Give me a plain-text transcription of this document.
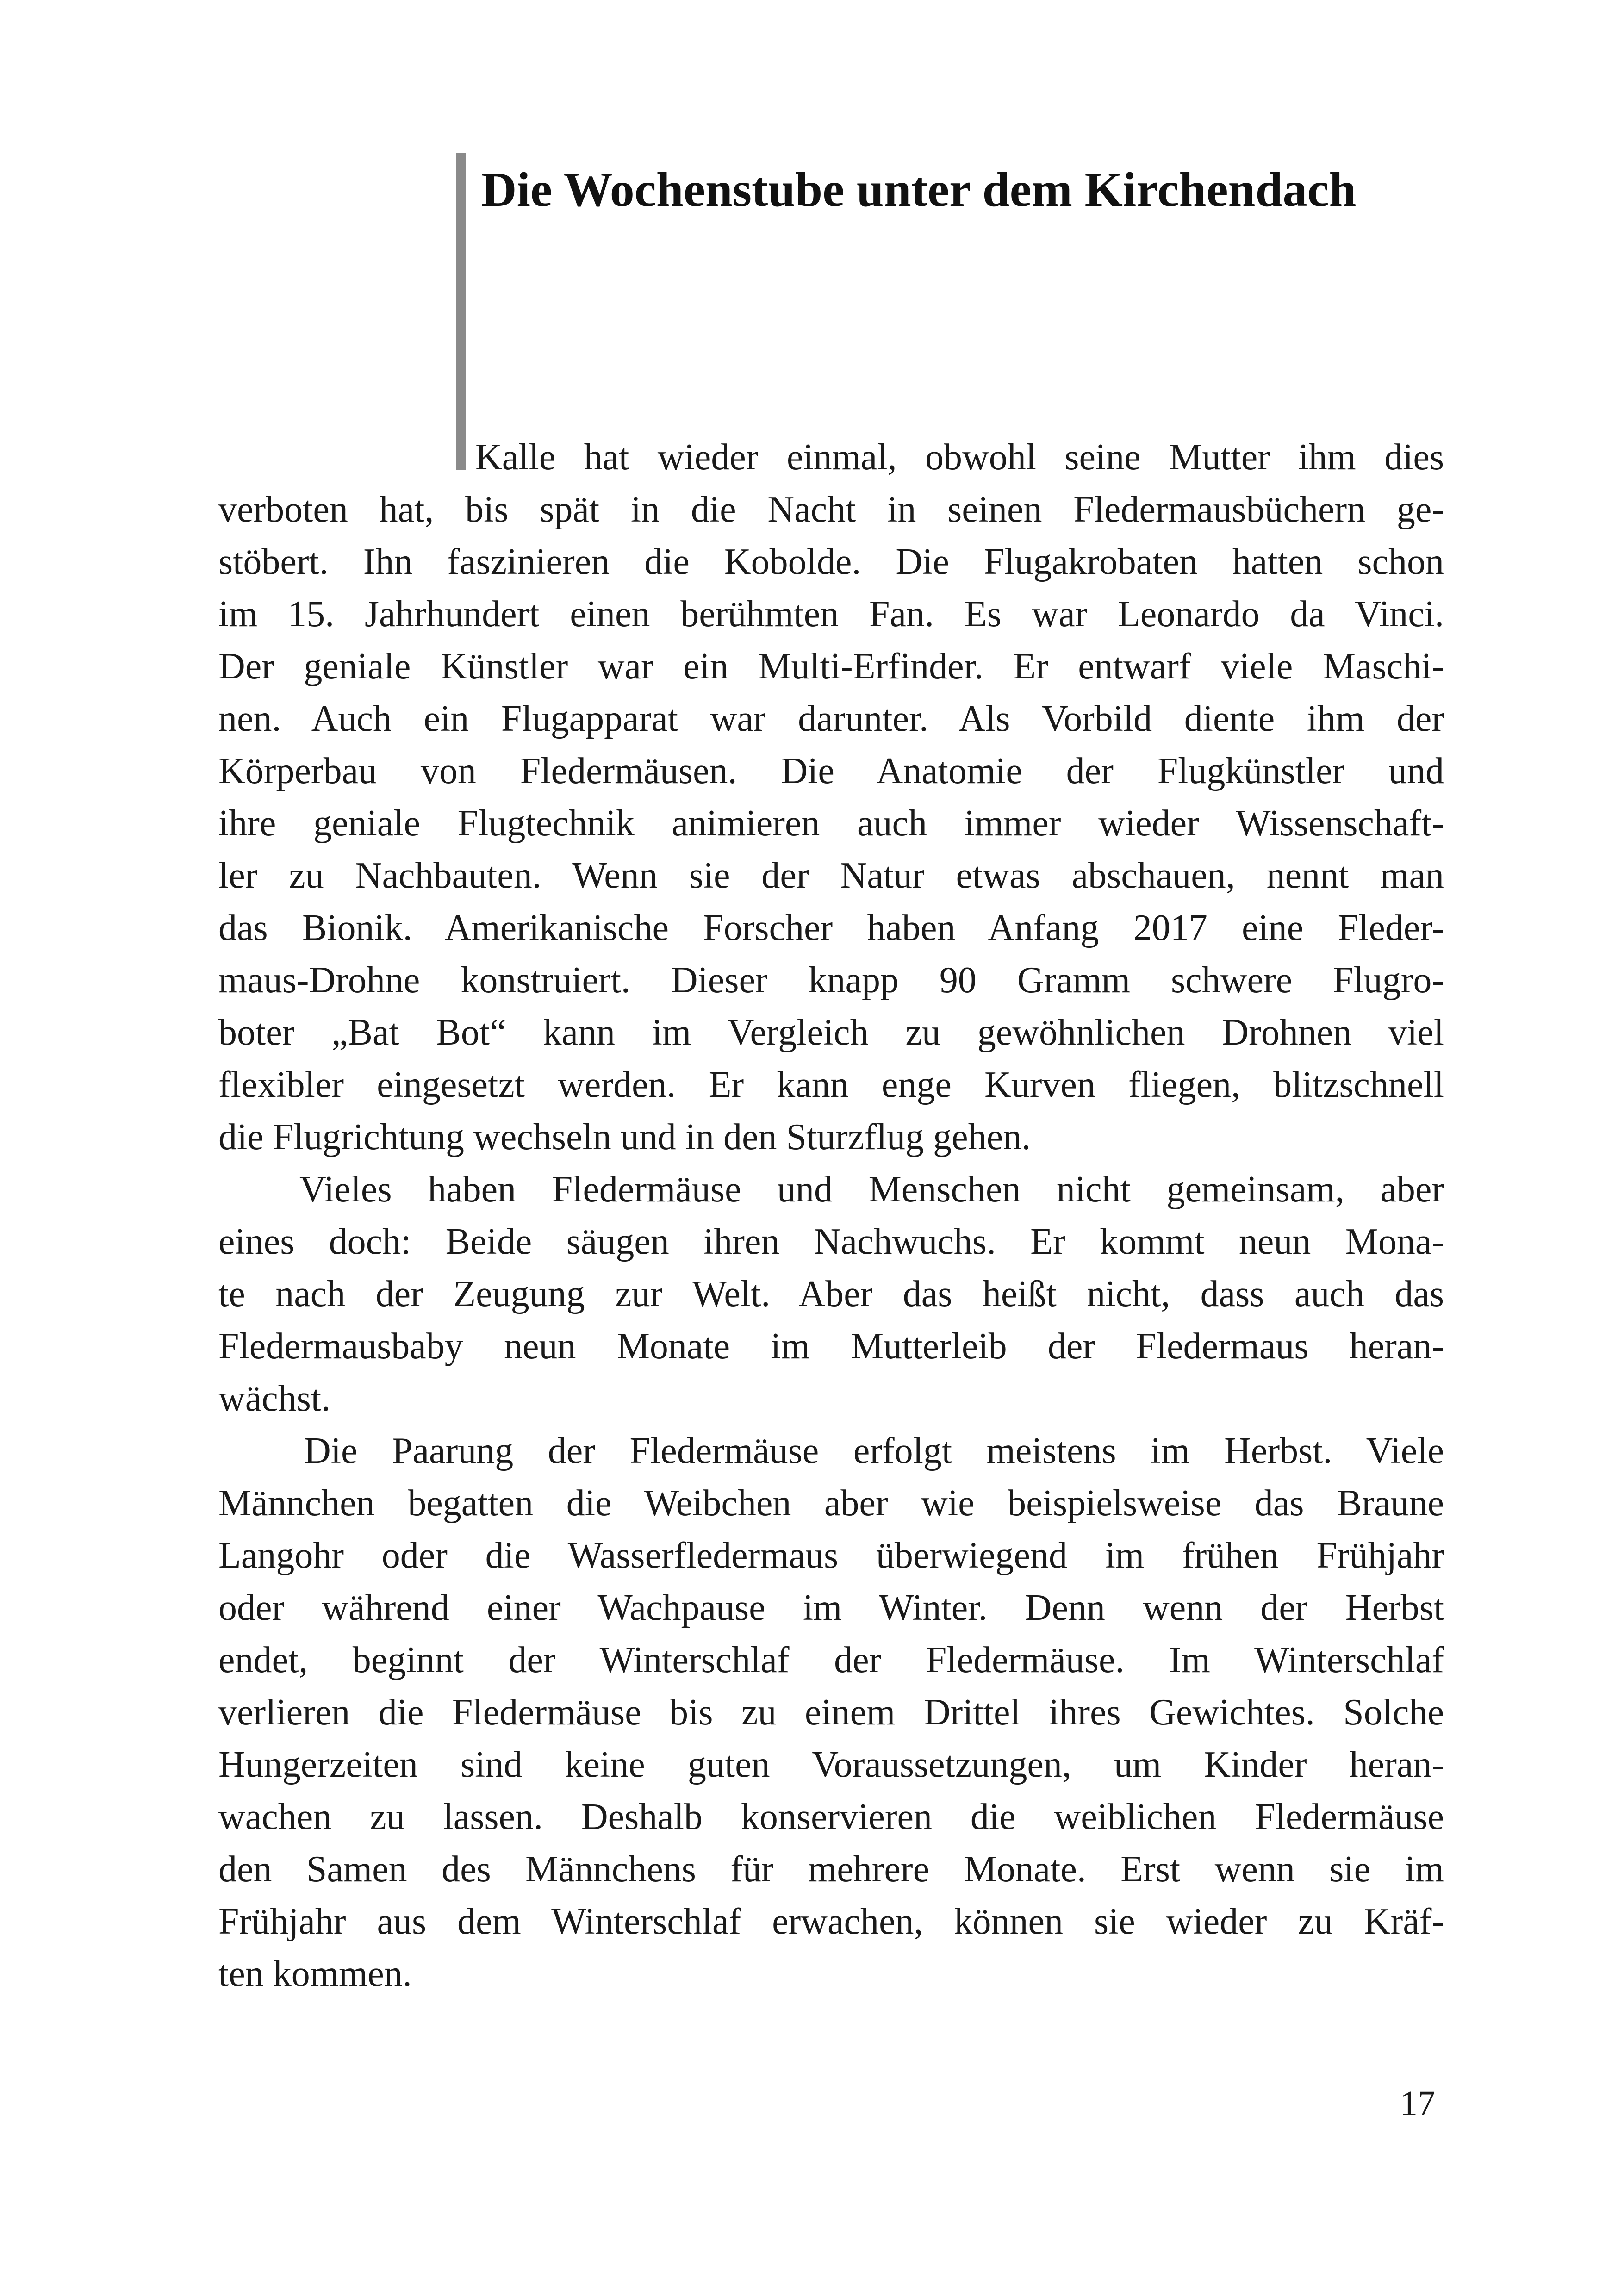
Die Wochenstube unter dem Kirchendach
Kalle hat wieder einmal, obwohl seine Mutter ihm dies
verboten hat, bis spät in die Nacht in seinen Fledermausbüchern ge-
stöbert. Ihn faszinieren die Kobolde. Die Flugakrobaten hatten schon
im 15. Jahrhundert einen berühmten Fan. Es war Leonardo da Vinci.
Der geniale Künstler war ein Multi-Erfinder. Er entwarf viele Maschi-
nen. Auch ein Flugapparat war darunter. Als Vorbild diente ihm der
Körperbau von Fledermäusen. Die Anatomie der Flugkünstler und
ihre geniale Flugtechnik animieren auch immer wieder Wissenschaft-
ler zu Nachbauten. Wenn sie der Natur etwas abschauen, nennt man
das Bionik. Amerikanische Forscher haben Anfang 2017 eine Fleder-
maus-Drohne konstruiert. Dieser knapp 90 Gramm schwere Flugro-
boter „Bat Bot“ kann im Vergleich zu gewöhnlichen Drohnen viel
flexibler eingesetzt werden. Er kann enge Kurven fliegen, blitzschnell
die Flugrichtung wechseln und in den Sturzflug gehen.
Vieles haben Fledermäuse und Menschen nicht gemeinsam, aber
eines doch: Beide säugen ihren Nachwuchs. Er kommt neun Mona-
te nach der Zeugung zur Welt. Aber das heißt nicht, dass auch das
Fledermausbaby neun Monate im Mutterleib der Fledermaus heran-
wächst.
Die Paarung der Fledermäuse erfolgt meistens im Herbst. Viele
Männchen begatten die Weibchen aber wie beispielsweise das Braune
Langohr oder die Wasserfledermaus überwiegend im frühen Frühjahr
oder während einer Wachpause im Winter. Denn wenn der Herbst
endet, beginnt der Winterschlaf der Fledermäuse. Im Winterschlaf
verlieren die Fledermäuse bis zu einem Drittel ihres Gewichtes. Solche
Hungerzeiten sind keine guten Voraussetzungen, um Kinder heran-
wachen zu lassen. Deshalb konservieren die weiblichen Fledermäuse
den Samen des Männchens für mehrere Monate. Erst wenn sie im
Frühjahr aus dem Winterschlaf erwachen, können sie wieder zu Kräf-
ten kommen.
17
